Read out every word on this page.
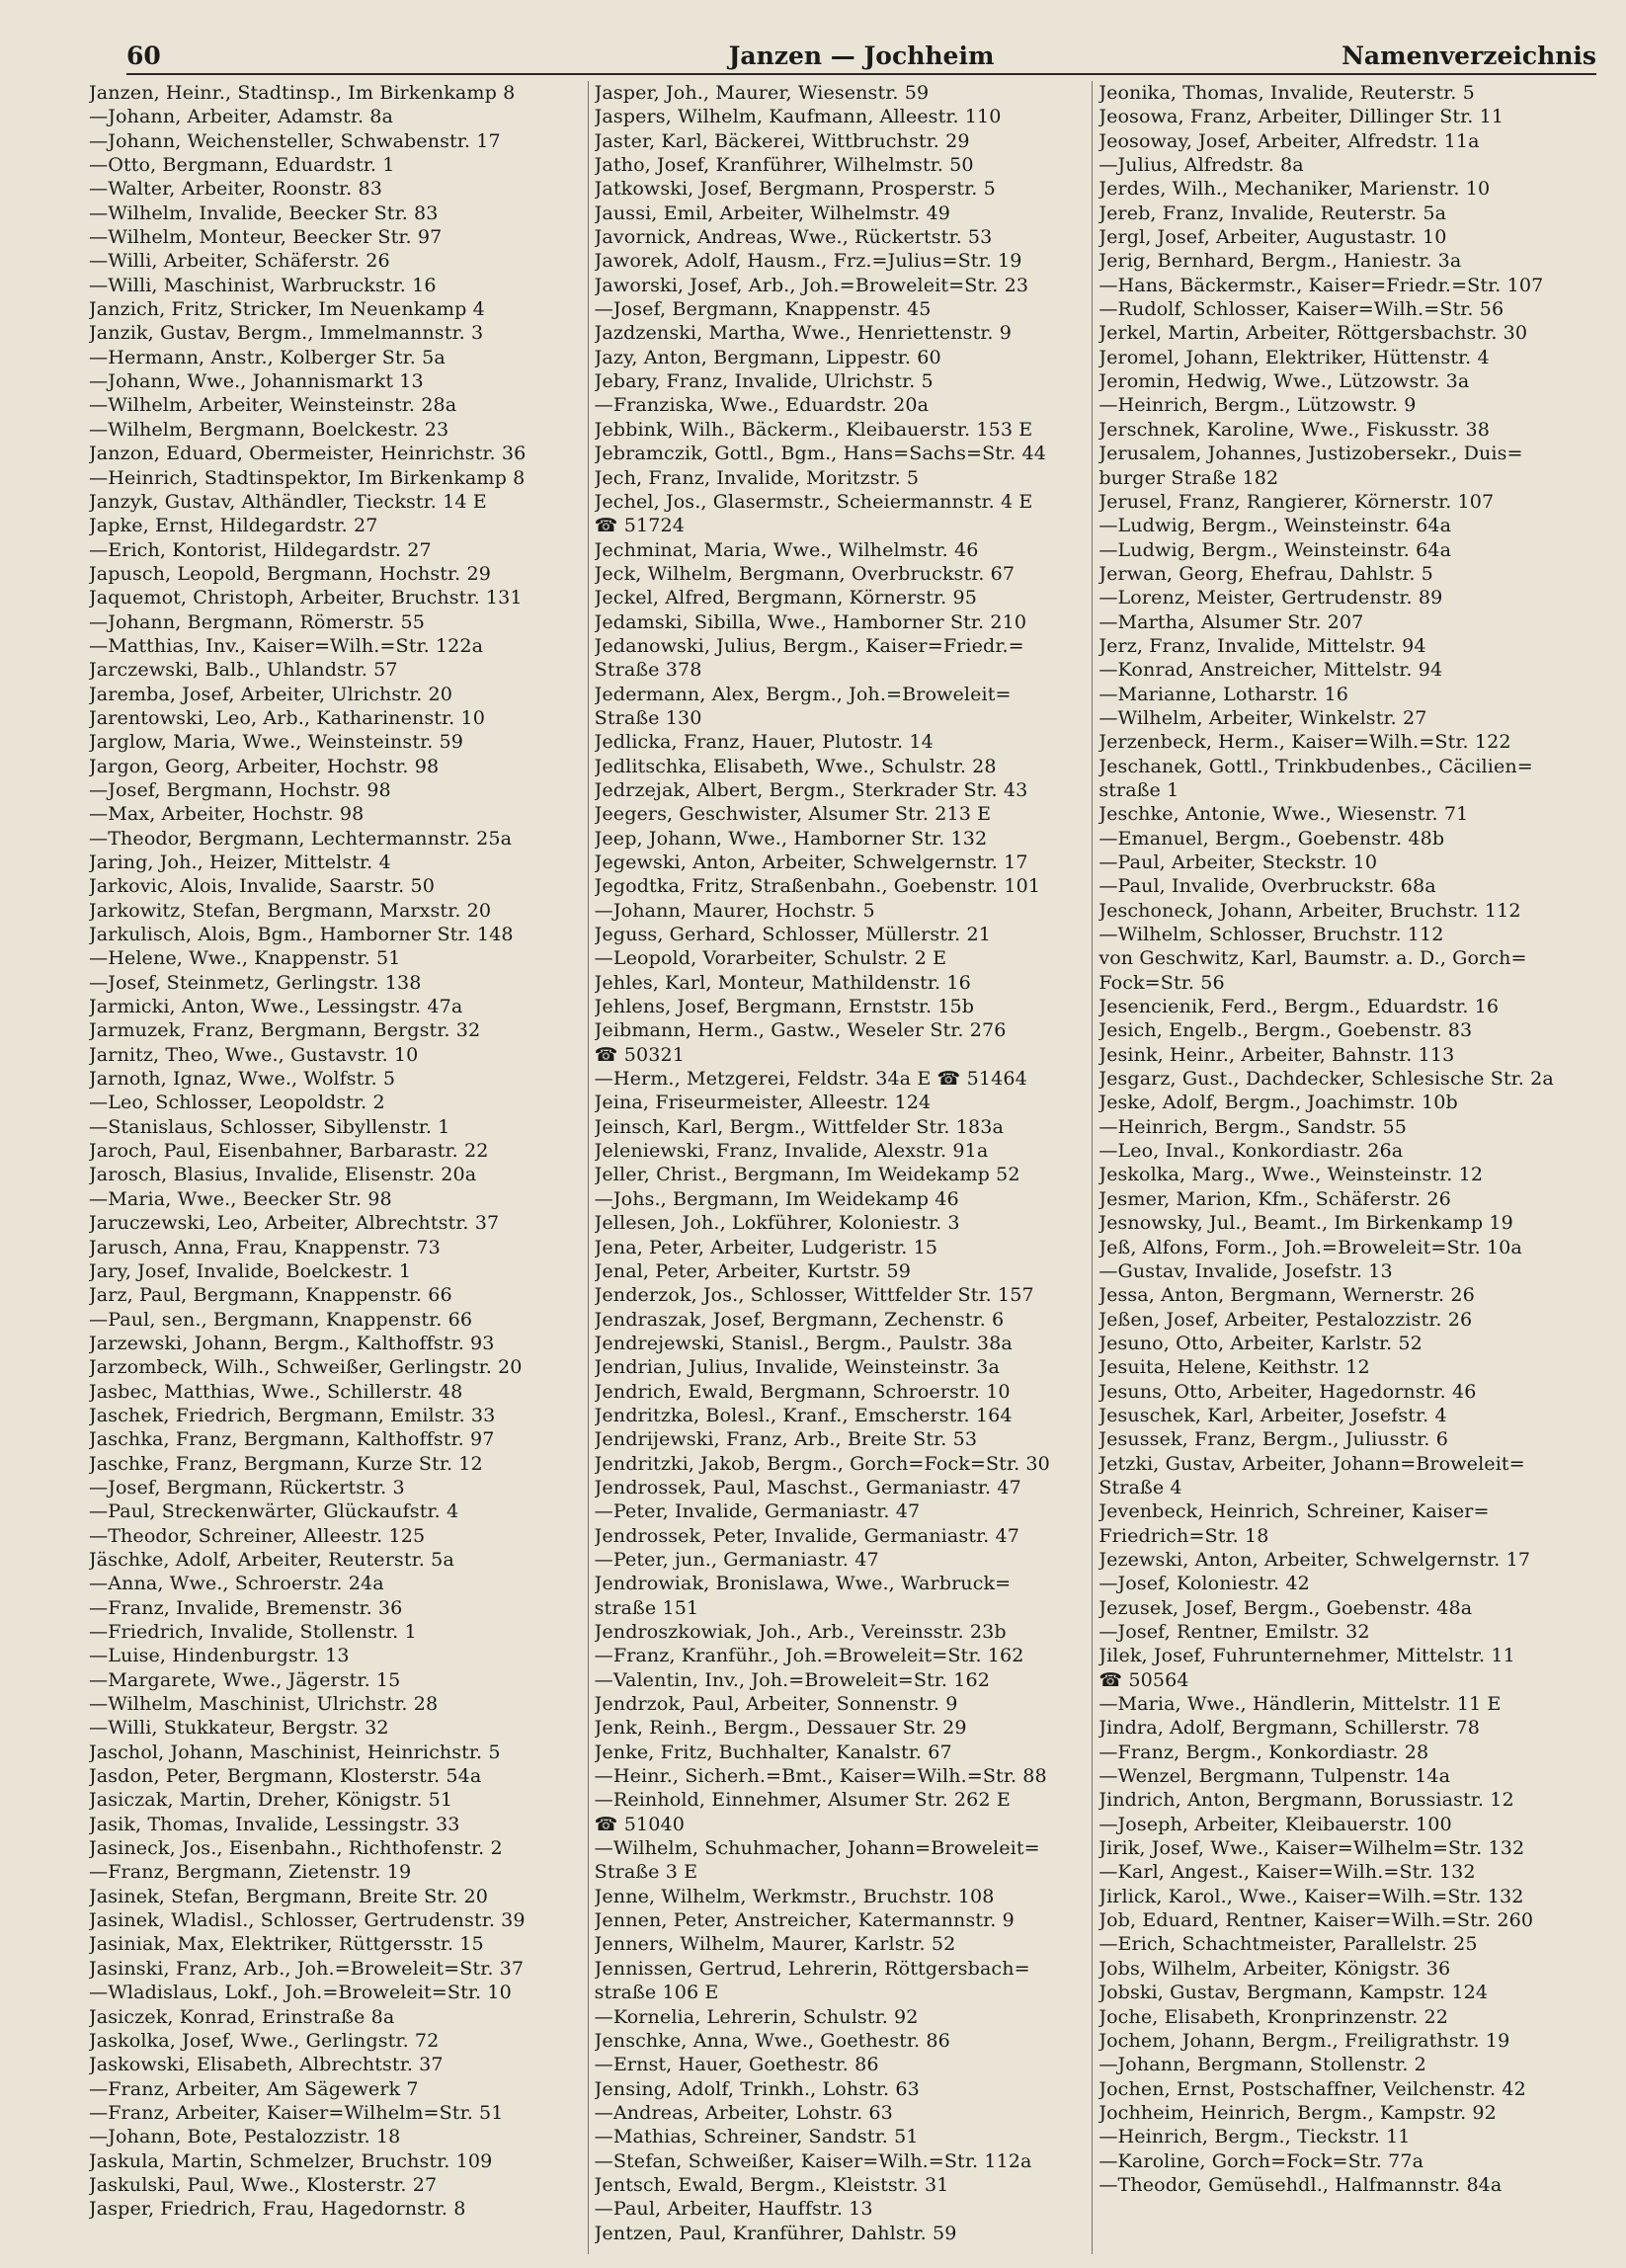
60	Janzen — Jochheim	Namenverzeichnis
Janzen, Heinr., Stadtinsp., Im Birkenkamp 8
—Johann, Arbeiter, Adamstr. 8a
—Johann, Weichensteller, Schwabenstr. 17
—Otto, Bergmann, Eduardstr. 1
—Walter, Arbeiter, Roonstr. 83
—Wilhelm, Invalide, Beecker Str. 83
—Wilhelm, Monteur, Beecker Str. 97
—Willi, Arbeiter, Schäferstr. 26
—Willi, Maschinist, Warbruckstr. 16
Janzich, Fritz, Stricker, Im Neuenkamp 4
Janzik, Gustav, Bergm., Immelmannstr. 3
—Hermann, Anstr., Kolberger Str. 5a
—Johann, Wwe., Johannismarkt 13
—Wilhelm, Arbeiter, Weinsteinstr. 28a
—Wilhelm, Bergmann, Boelckestr. 23
Janzon, Eduard, Obermeister, Heinrichstr. 36
—Heinrich, Stadtinspektor, Im Birkenkamp 8
Janzyk, Gustav, Althändler, Tieckstr. 14 E
Japke, Ernst, Hildegardstr. 27
—Erich, Kontorist, Hildegardstr. 27
Japusch, Leopold, Bergmann, Hochstr. 29
Jaquemot, Christoph, Arbeiter, Bruchstr. 131
—Johann, Bergmann, Römerstr. 55
—Matthias, Inv., Kaiser=Wilh.=Str. 122a
Jarczewski, Balb., Uhlandstr. 57
Jaremba, Josef, Arbeiter, Ulrichstr. 20
Jarentowski, Leo, Arb., Katharinenstr. 10
Jarglow, Maria, Wwe., Weinsteinstr. 59
Jargon, Georg, Arbeiter, Hochstr. 98
—Josef, Bergmann, Hochstr. 98
—Max, Arbeiter, Hochstr. 98
—Theodor, Bergmann, Lechtermannstr. 25a
Jaring, Joh., Heizer, Mittelstr. 4
Jarkovic, Alois, Invalide, Saarstr. 50
Jarkowitz, Stefan, Bergmann, Marxstr. 20
Jarkulisch, Alois, Bgm., Hamborner Str. 148
—Helene, Wwe., Knappenstr. 51
—Josef, Steinmetz, Gerlingstr. 138
Jarmicki, Anton, Wwe., Lessingstr. 47a
Jarmuzek, Franz, Bergmann, Bergstr. 32
Jarnitz, Theo, Wwe., Gustavstr. 10
Jarnoth, Ignaz, Wwe., Wolfstr. 5
—Leo, Schlosser, Leopoldstr. 2
—Stanislaus, Schlosser, Sibyllenstr. 1
Jaroch, Paul, Eisenbahner, Barbarastr. 22
Jarosch, Blasius, Invalide, Elisenstr. 20a
—Maria, Wwe., Beecker Str. 98
Jaruczewski, Leo, Arbeiter, Albrechtstr. 37
Jarusch, Anna, Frau, Knappenstr. 73
Jary, Josef, Invalide, Boelckestr. 1
Jarz, Paul, Bergmann, Knappenstr. 66
—Paul, sen., Bergmann, Knappenstr. 66
Jarzewski, Johann, Bergm., Kalthoffstr. 93
Jarzombeck, Wilh., Schweißer, Gerlingstr. 20
Jasbec, Matthias, Wwe., Schillerstr. 48
Jaschek, Friedrich, Bergmann, Emilstr. 33
Jaschka, Franz, Bergmann, Kalthoffstr. 97
Jaschke, Franz, Bergmann, Kurze Str. 12
—Josef, Bergmann, Rückertstr. 3
—Paul, Streckenwärter, Glückaufstr. 4
—Theodor, Schreiner, Alleestr. 125
Jäschke, Adolf, Arbeiter, Reuterstr. 5a
—Anna, Wwe., Schroerstr. 24a
—Franz, Invalide, Bremenstr. 36
—Friedrich, Invalide, Stollenstr. 1
—Luise, Hindenburgstr. 13
—Margarete, Wwe., Jägerstr. 15
—Wilhelm, Maschinist, Ulrichstr. 28
—Willi, Stukkateur, Bergstr. 32
Jaschol, Johann, Maschinist, Heinrichstr. 5
Jasdon, Peter, Bergmann, Klosterstr. 54a
Jasiczak, Martin, Dreher, Königstr. 51
Jasik, Thomas, Invalide, Lessingstr. 33
Jasineck, Jos., Eisenbahn., Richthofenstr. 2
—Franz, Bergmann, Zietenstr. 19
Jasinek, Stefan, Bergmann, Breite Str. 20
Jasinek, Wladisl., Schlosser, Gertrudenstr. 39
Jasiniak, Max, Elektriker, Rüttgersstr. 15
Jasinski, Franz, Arb., Joh.=Broweleit=Str. 37
—Wladislaus, Lokf., Joh.=Broweleit=Str. 10
Jasiczek, Konrad, Erinstraße 8a
Jaskolka, Josef, Wwe., Gerlingstr. 72
Jaskowski, Elisabeth, Albrechtstr. 37
—Franz, Arbeiter, Am Sägewerk 7
—Franz, Arbeiter, Kaiser=Wilhelm=Str. 51
—Johann, Bote, Pestalozzistr. 18
Jaskula, Martin, Schmelzer, Bruchstr. 109
Jaskulski, Paul, Wwe., Klosterstr. 27
Jasper, Friedrich, Frau, Hagedornstr. 8
Jasper, Joh., Maurer, Wiesenstr. 59
Jaspers, Wilhelm, Kaufmann, Alleestr. 110
Jaster, Karl, Bäckerei, Wittbruchstr. 29
Jatho, Josef, Kranführer, Wilhelmstr. 50
Jatkowski, Josef, Bergmann, Prosperstr. 5
Jaussi, Emil, Arbeiter, Wilhelmstr. 49
Javornick, Andreas, Wwe., Rückertstr. 53
Jaworek, Adolf, Hausm., Frz.=Julius=Str. 19
Jaworski, Josef, Arb., Joh.=Broweleit=Str. 23
—Josef, Bergmann, Knappenstr. 45
Jazdzenski, Martha, Wwe., Henriettenstr. 9
Jazy, Anton, Bergmann, Lippestr. 60
Jebary, Franz, Invalide, Ulrichstr. 5
—Franziska, Wwe., Eduardstr. 20a
Jebbink, Wilh., Bäckerm., Kleibauerstr. 153 E
Jebramczik, Gottl., Bgm., Hans=Sachs=Str. 44
Jech, Franz, Invalide, Moritzstr. 5
Jechel, Jos., Glasermstr., Scheiermannstr. 4 E
☎ 51724
Jechminat, Maria, Wwe., Wilhelmstr. 46
Jeck, Wilhelm, Bergmann, Overbruckstr. 67
Jeckel, Alfred, Bergmann, Körnerstr. 95
Jedamski, Sibilla, Wwe., Hamborner Str. 210
Jedanowski, Julius, Bergm., Kaiser=Friedr.=
Straße 378
Jedermann, Alex, Bergm., Joh.=Broweleit=
Straße 130
Jedlicka, Franz, Hauer, Plutostr. 14
Jedlitschka, Elisabeth, Wwe., Schulstr. 28
Jedrzejak, Albert, Bergm., Sterkrader Str. 43
Jeegers, Geschwister, Alsumer Str. 213 E
Jeep, Johann, Wwe., Hamborner Str. 132
Jegewski, Anton, Arbeiter, Schwelgernstr. 17
Jegodtka, Fritz, Straßenbahn., Goebenstr. 101
—Johann, Maurer, Hochstr. 5
Jeguss, Gerhard, Schlosser, Müllerstr. 21
—Leopold, Vorarbeiter, Schulstr. 2 E
Jehles, Karl, Monteur, Mathildenstr. 16
Jehlens, Josef, Bergmann, Ernststr. 15b
Jeibmann, Herm., Gastw., Weseler Str. 276
☎ 50321
—Herm., Metzgerei, Feldstr. 34a E ☎ 51464
Jeina, Friseurmeister, Alleestr. 124
Jeinsch, Karl, Bergm., Wittfelder Str. 183a
Jeleniewski, Franz, Invalide, Alexstr. 91a
Jeller, Christ., Bergmann, Im Weidekamp 52
—Johs., Bergmann, Im Weidekamp 46
Jellesen, Joh., Lokführer, Koloniestr. 3
Jena, Peter, Arbeiter, Ludgeristr. 15
Jenal, Peter, Arbeiter, Kurtstr. 59
Jenderzok, Jos., Schlosser, Wittfelder Str. 157
Jendraszak, Josef, Bergmann, Zechenstr. 6
Jendrejewski, Stanisl., Bergm., Paulstr. 38a
Jendrian, Julius, Invalide, Weinsteinstr. 3a
Jendrich, Ewald, Bergmann, Schroerstr. 10
Jendritzka, Bolesl., Kranf., Emscherstr. 164
Jendrijewski, Franz, Arb., Breite Str. 53
Jendritzki, Jakob, Bergm., Gorch=Fock=Str. 30
Jendrossek, Paul, Maschst., Germaniastr. 47
—Peter, Invalide, Germaniastr. 47
Jendrossek, Peter, Invalide, Germaniastr. 47
—Peter, jun., Germaniastr. 47
Jendrowiak, Bronislawa, Wwe., Warbruck=
straße 151
Jendroszkowiak, Joh., Arb., Vereinsstr. 23b
—Franz, Kranführ., Joh.=Broweleit=Str. 162
—Valentin, Inv., Joh.=Broweleit=Str. 162
Jendrzok, Paul, Arbeiter, Sonnenstr. 9
Jenk, Reinh., Bergm., Dessauer Str. 29
Jenke, Fritz, Buchhalter, Kanalstr. 67
—Heinr., Sicherh.=Bmt., Kaiser=Wilh.=Str. 88
—Reinhold, Einnehmer, Alsumer Str. 262 E
☎ 51040
—Wilhelm, Schuhmacher, Johann=Broweleit=
Straße 3 E
Jenne, Wilhelm, Werkmstr., Bruchstr. 108
Jennen, Peter, Anstreicher, Katermannstr. 9
Jenners, Wilhelm, Maurer, Karlstr. 52
Jennissen, Gertrud, Lehrerin, Röttgersbach=
straße 106 E
—Kornelia, Lehrerin, Schulstr. 92
Jenschke, Anna, Wwe., Goethestr. 86
—Ernst, Hauer, Goethestr. 86
Jensing, Adolf, Trinkh., Lohstr. 63
—Andreas, Arbeiter, Lohstr. 63
—Mathias, Schreiner, Sandstr. 51
—Stefan, Schweißer, Kaiser=Wilh.=Str. 112a
Jentsch, Ewald, Bergm., Kleiststr. 31
—Paul, Arbeiter, Hauffstr. 13
Jentzen, Paul, Kranführer, Dahlstr. 59
Jeonika, Thomas, Invalide, Reuterstr. 5
Jeosowa, Franz, Arbeiter, Dillinger Str. 11
Jeosoway, Josef, Arbeiter, Alfredstr. 11a
—Julius, Alfredstr. 8a
Jerdes, Wilh., Mechaniker, Marienstr. 10
Jereb, Franz, Invalide, Reuterstr. 5a
Jergl, Josef, Arbeiter, Augustastr. 10
Jerig, Bernhard, Bergm., Haniestr. 3a
—Hans, Bäckermstr., Kaiser=Friedr.=Str. 107
—Rudolf, Schlosser, Kaiser=Wilh.=Str. 56
Jerkel, Martin, Arbeiter, Röttgersbachstr. 30
Jeromel, Johann, Elektriker, Hüttenstr. 4
Jeromin, Hedwig, Wwe., Lützowstr. 3a
—Heinrich, Bergm., Lützowstr. 9
Jerschnek, Karoline, Wwe., Fiskusstr. 38
Jerusalem, Johannes, Justizobersekr., Duis=
burger Straße 182
Jerusel, Franz, Rangierer, Körnerstr. 107
—Ludwig, Bergm., Weinsteinstr. 64a
—Ludwig, Bergm., Weinsteinstr. 64a
Jerwan, Georg, Ehefrau, Dahlstr. 5
—Lorenz, Meister, Gertrudenstr. 89
—Martha, Alsumer Str. 207
Jerz, Franz, Invalide, Mittelstr. 94
—Konrad, Anstreicher, Mittelstr. 94
—Marianne, Lotharstr. 16
—Wilhelm, Arbeiter, Winkelstr. 27
Jerzenbeck, Herm., Kaiser=Wilh.=Str. 122
Jeschanek, Gottl., Trinkbudenbes., Cäcilien=
straße 1
Jeschke, Antonie, Wwe., Wiesenstr. 71
—Emanuel, Bergm., Goebenstr. 48b
—Paul, Arbeiter, Steckstr. 10
—Paul, Invalide, Overbruckstr. 68a
Jeschoneck, Johann, Arbeiter, Bruchstr. 112
—Wilhelm, Schlosser, Bruchstr. 112
von Geschwitz, Karl, Baumstr. a. D., Gorch=
Fock=Str. 56
Jesencienik, Ferd., Bergm., Eduardstr. 16
Jesich, Engelb., Bergm., Goebenstr. 83
Jesink, Heinr., Arbeiter, Bahnstr. 113
Jesgarz, Gust., Dachdecker, Schlesische Str. 2a
Jeske, Adolf, Bergm., Joachimstr. 10b
—Heinrich, Bergm., Sandstr. 55
—Leo, Inval., Konkordiastr. 26a
Jeskolka, Marg., Wwe., Weinsteinstr. 12
Jesmer, Marion, Kfm., Schäferstr. 26
Jesnowsky, Jul., Beamt., Im Birkenkamp 19
Jeß, Alfons, Form., Joh.=Broweleit=Str. 10a
—Gustav, Invalide, Josefstr. 13
Jessa, Anton, Bergmann, Wernerstr. 26
Jeßen, Josef, Arbeiter, Pestalozzistr. 26
Jesuno, Otto, Arbeiter, Karlstr. 52
Jesuita, Helene, Keithstr. 12
Jesuns, Otto, Arbeiter, Hagedornstr. 46
Jesuschek, Karl, Arbeiter, Josefstr. 4
Jesussek, Franz, Bergm., Juliusstr. 6
Jetzki, Gustav, Arbeiter, Johann=Broweleit=
Straße 4
Jevenbeck, Heinrich, Schreiner, Kaiser=
Friedrich=Str. 18
Jezewski, Anton, Arbeiter, Schwelgernstr. 17
—Josef, Koloniestr. 42
Jezusek, Josef, Bergm., Goebenstr. 48a
—Josef, Rentner, Emilstr. 32
Jilek, Josef, Fuhrunternehmer, Mittelstr. 11
☎ 50564
—Maria, Wwe., Händlerin, Mittelstr. 11 E
Jindra, Adolf, Bergmann, Schillerstr. 78
—Franz, Bergm., Konkordiastr. 28
—Wenzel, Bergmann, Tulpenstr. 14a
Jindrich, Anton, Bergmann, Borussiastr. 12
—Joseph, Arbeiter, Kleibauerstr. 100
Jirik, Josef, Wwe., Kaiser=Wilhelm=Str. 132
—Karl, Angest., Kaiser=Wilh.=Str. 132
Jirlick, Karol., Wwe., Kaiser=Wilh.=Str. 132
Job, Eduard, Rentner, Kaiser=Wilh.=Str. 260
—Erich, Schachtmeister, Parallelstr. 25
Jobs, Wilhelm, Arbeiter, Königstr. 36
Jobski, Gustav, Bergmann, Kampstr. 124
Joche, Elisabeth, Kronprinzenstr. 22
Jochem, Johann, Bergm., Freiligrathstr. 19
—Johann, Bergmann, Stollenstr. 2
Jochen, Ernst, Postschaffner, Veilchenstr. 42
Jochheim, Heinrich, Bergm., Kampstr. 92
—Heinrich, Bergm., Tieckstr. 11
—Karoline, Gorch=Fock=Str. 77a
—Theodor, Gemüsehdl., Halfmannstr. 84a
